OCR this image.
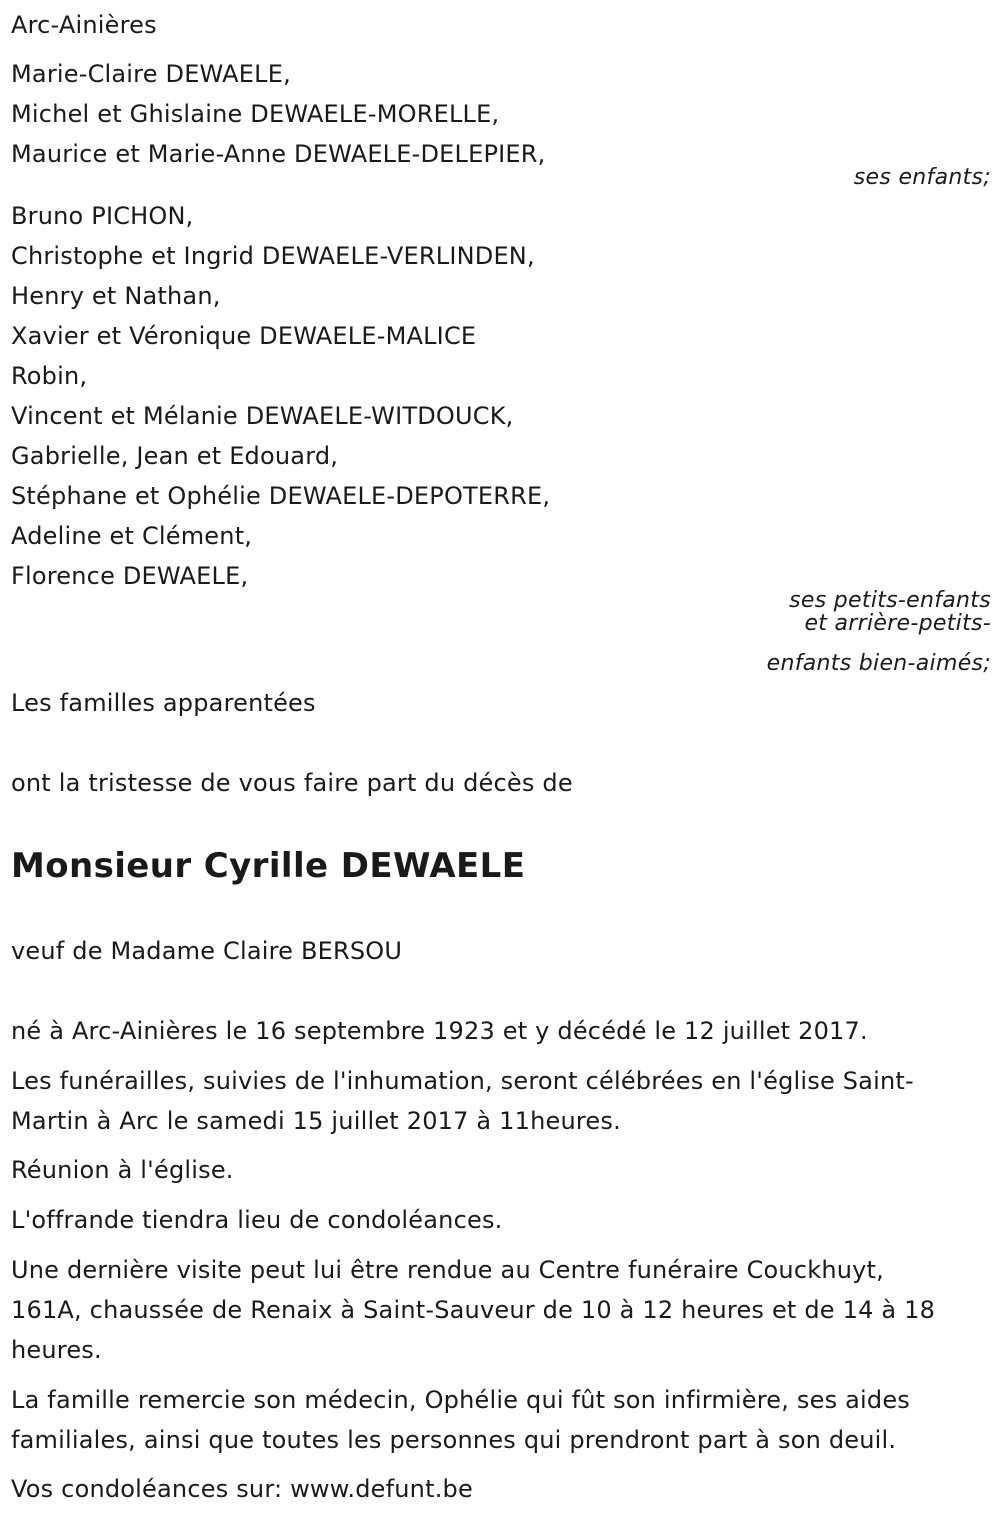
Arc-Ainières
Marie-Claire DEWAELE,
Michel et Ghislaine DEWAELE-MORELLE,
Maurice et Marie-Anne DEWAELE-DELEPIER,
ses enfants;
Bruno PICHON,
Christophe et Ingrid DEWAELE-VERLINDEN,
Henry et Nathan,
Xavier et Véronique DEWAELE-MALICE
Robin,
Vincent et Mélanie DEWAELE-WITDOUCK,
Gabrielle, Jean et Edouard,
Stéphane et Ophélie DEWAELE-DEPOTERRE,
Adeline et Clément,
Florence DEWAELE,
ses petits-enfants
et arrière-petits-
enfants bien-aimés;
Les familles apparentées
ont la tristesse de vous faire part du décès de
Monsieur Cyrille DEWAELE
veuf de Madame Claire BERSOU
né à Arc-Ainières le 16 septembre 1923 et y décédé le 12 juillet 2017.
Les funérailles, suivies de l'inhumation, seront célébrées en l'église Saint-
Martin à Arc le samedi 15 juillet 2017 à 11heures.
Réunion à l'église.
L'offrande tiendra lieu de condoléances.
Une dernière visite peut lui être rendue au Centre funéraire Couckhuyt,
161A, chaussée de Renaix à Saint-Sauveur de 10 à 12 heures et de 14 à 18
heures.
La famille remercie son médecin, Ophélie qui fût son infirmière, ses aides
familiales, ainsi que toutes les personnes qui prendront part à son deuil.
Vos condoléances sur: www.defunt.be
